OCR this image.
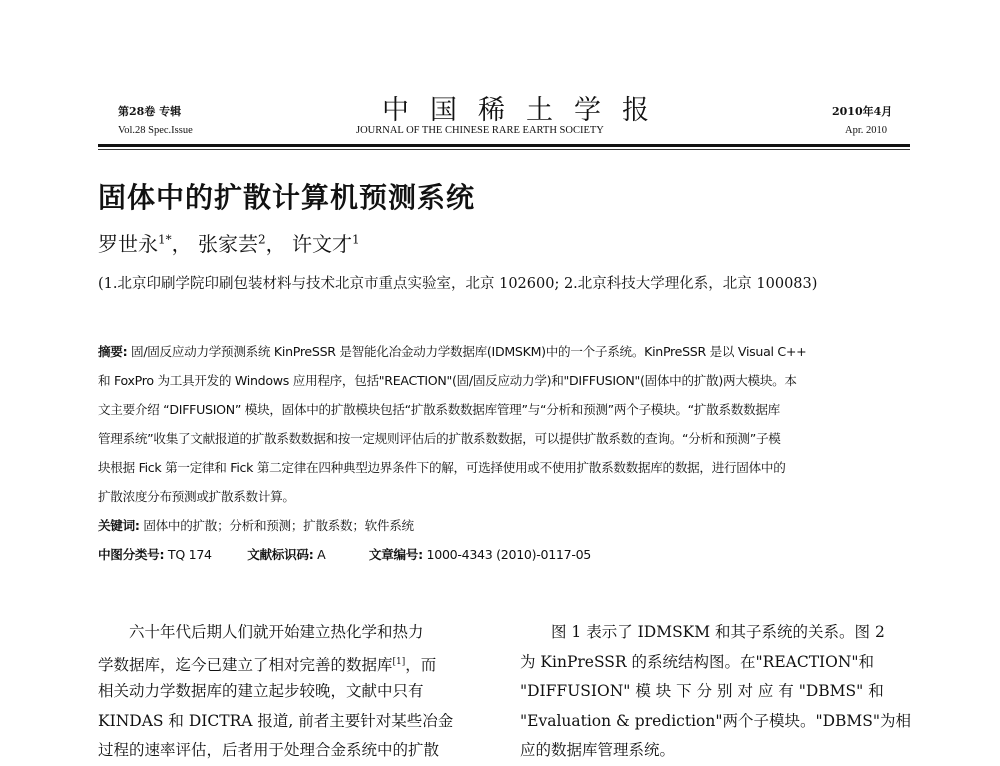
第28卷 专辑
Vol.28 Spec.Issue
中国稀土学报
JOURNAL OF THE CHINESE RARE EARTH SOCIETY
2010年4月
Apr. 2010
固体中的扩散计算机预测系统
罗世永$^{1*}$， 张家芸$^2$， 许文才$^1$
(1.北京印刷学院印刷包装材料与技术北京市重点实验室，北京 102600; 2.北京科技大学理化系，北京 100083)
摘要: 固/固反应动力学预测系统 KinPreSSR 是智能化冶金动力学数据库(IDMSKM)中的一个子系统。KinPreSSR 是以 Visual C++
和 FoxPro 为工具开发的 Windows 应用程序，包括"REACTION"(固/固反应动力学)和"DIFFUSION"(固体中的扩散)两大模块。本
文主要介绍 “DIFFUSION” 模块，固体中的扩散模块包括“扩散系数数据库管理”与“分析和预测”两个子模块。“扩散系数数据库
管理系统”收集了文献报道的扩散系数数据和按一定规则评估后的扩散系数数据，可以提供扩散系数的查询。“分析和预测”子模
块根据 Fick 第一定律和 Fick 第二定律在四种典型边界条件下的解，可选择使用或不使用扩散系数数据库的数据，进行固体中的
扩散浓度分布预测或扩散系数计算。
关键词: 固体中的扩散；分析和预测；扩散系数；软件系统
中图分类号: TQ 174	文献标识码: A	文章编号: 1000-4343 (2010)-0117-05
　　六十年代后期人们就开始建立热化学和热力
学数据库，迄今已建立了相对完善的数据库[1]，而
相关动力学数据库的建立起步较晚，文献中只有
KINDAS 和 DICTRA 报道, 前者主要针对某些冶金
过程的速率评估，后者用于处理合金系统中的扩散
　　图 1 表示了 IDMSKM 和其子系统的关系。图 2
为 KinPreSSR 的系统结构图。在"REACTION"和
"DIFFUSION" 模 块 下 分 别 对 应 有 "DBMS" 和
"Evaluation & prediction"两个子模块。"DBMS"为相
应的数据库管理系统。
